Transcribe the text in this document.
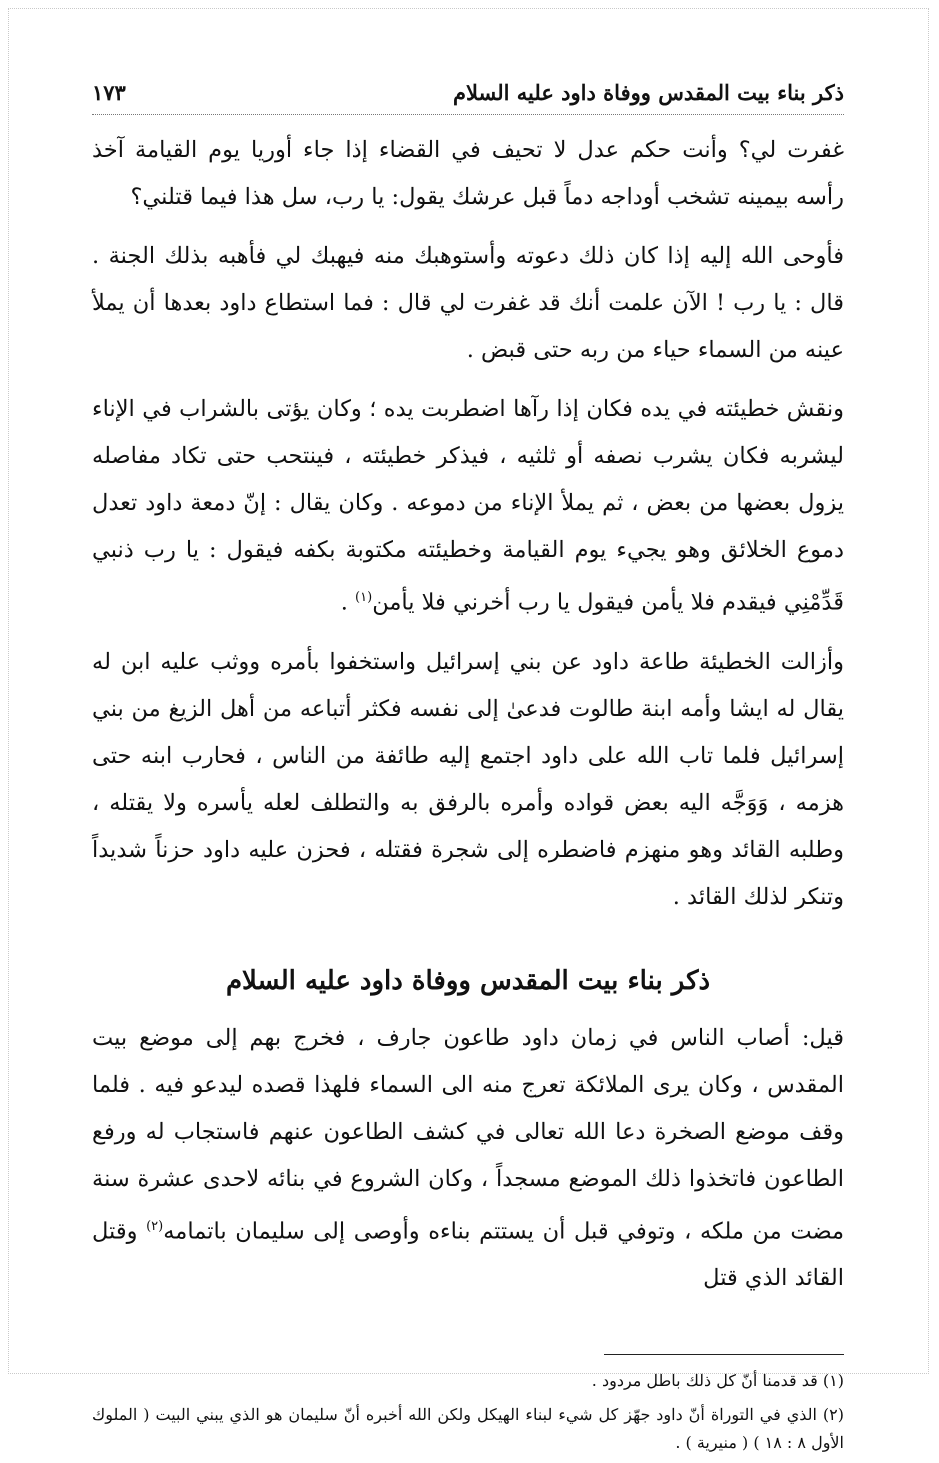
ذكر بناء بيت المقدس ووفاة داود عليه السلام
١٧٣

غفرت لي؟ وأنت حكم عدل لا تحيف في القضاء إذا جاء أوريا يوم القيامة آخذ رأسه بيمينه تشخب أوداجه دماً قبل عرشك يقول: يا رب، سل هذا فيما قتلني؟

فأوحى الله إليه إذا كان ذلك دعوته وأستوهبك منه فيهبك لي فأهبه بذلك الجنة . قال : يا رب ! الآن علمت أنك قد غفرت لي قال : فما استطاع داود بعدها أن يملأ عينه من السماء حياء من ربه حتى قبض .

ونقش خطيئته في يده فكان إذا رآها اضطربت يده ؛ وكان يؤتى بالشراب في الإناء ليشربه فكان يشرب نصفه أو ثلثيه ، فيذكر خطيئته ، فينتحب حتى تكاد مفاصله يزول بعضها من بعض ، ثم يملأ الإناء من دموعه . وكان يقال : إنّ دمعة داود تعدل دموع الخلائق وهو يجيء يوم القيامة وخطيئته مكتوبة بكفه فيقول : يا رب ذنبي قَدِّمْنِي فيقدم فلا يأمن فيقول يا رب أخرني فلا يأمن$^{(١)}$ .

وأزالت الخطيئة طاعة داود عن بني إسرائيل واستخفوا بأمره ووثب عليه ابن له يقال له ايشا وأمه ابنة طالوت فدعىٰ إلى نفسه فكثر أتباعه من أهل الزيغ من بني إسرائيل فلما تاب الله على داود اجتمع إليه طائفة من الناس ، فحارب ابنه حتى هزمه ، وَوَجَّه اليه بعض قواده وأمره بالرفق به والتطلف لعله يأسره ولا يقتله ، وطلبه القائد وهو منهزم فاضطره إلى شجرة فقتله ، فحزن عليه داود حزناً شديداً وتنكر لذلك القائد .

ذكر بناء بيت المقدس ووفاة داود عليه السلام

قيل: أصاب الناس في زمان داود طاعون جارف ، فخرج بهم إلى موضع بيت المقدس ، وكان يرى الملائكة تعرج منه الى السماء فلهذا قصده ليدعو فيه . فلما وقف موضع الصخرة دعا الله تعالى في كشف الطاعون عنهم فاستجاب له ورفع الطاعون فاتخذوا ذلك الموضع مسجداً ، وكان الشروع في بنائه لاحدى عشرة سنة مضت من ملكه ، وتوفي قبل أن يستتم بناءه وأوصى إلى سليمان باتمامه$^{(٢)}$ وقتل القائد الذي قتل

(١) قد قدمنا أنّ كل ذلك باطل مردود .

(٢) الذي في التوراة أنّ داود جهّز كل شيء لبناء الهيكل ولكن الله أخبره أنّ سليمان هو الذي يبني البيت ( الملوك الأول ٨ : ١٨ ) ( منيرية ) .
